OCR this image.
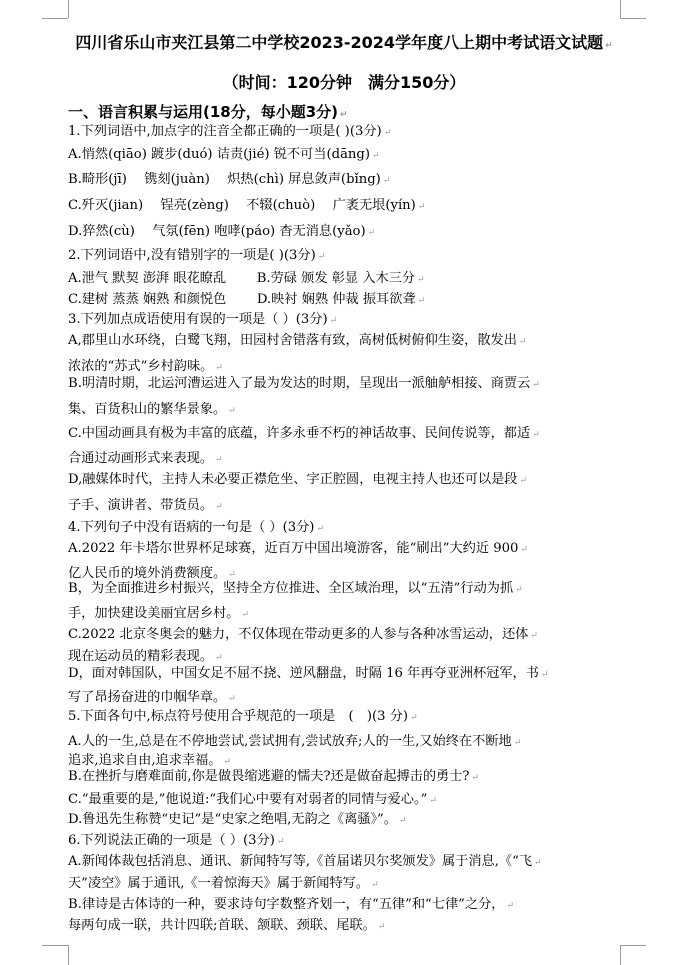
四川省乐山市夹江县第二中学校2023-2024学年度八上期中考试语文试题 ↵
（时间：120分钟　满分150分）
一、语言积累与运用(18分，每小题3分) ↵
1.下列词语中,加点字的注音全都正确的一项是( )(3分) ↵
A.悄然(qiāo) 踱步(duó) 诘责(jié) 锐不可当(dāng) ↵
B.畸形(jī)　 镌刻(juàn)　 炽热(chì) 屏息敛声(bǐng) ↵
C.歼灭(jian)　 锃亮(zèng)　 不辍(chuò)　 广袤无垠(yín) ↵
D.猝然(cù)　 气氛(fēn) 咆哮(páo) 杳无消息(yǎo) ↵
2.下列词语中,没有错别字的一项是( )(3分) ↵
A.泄气 默契 澎湃 眼花瞭乱　　 B.劳碌 颁发 彰显 入木三分 ↵
C.建树 蒸蒸 娴熟 和颜悦色　　 D.映衬 娴熟 仲裁 振耳欲聋 ↵
3.下列加点成语使用有误的一项是（ ）(3分) ↵
A,郡里山水环绕，白鹭飞翔，田园村舍错落有致，高树低树俯仰生姿，散发出 ↵
浓浓的“苏式”乡村韵味。 ↵
B.明清时期，北运河漕运进入了最为发达的时期，呈现出一派舳舻相接、商贾云 ↵
集、百货积山的繁华景象。 ↵
C.中国动画具有极为丰富的底蕴，许多永垂不朽的神话故事、民间传说等，都适 ↵
合通过动画形式来表现。 ↵
D,融媒体时代，主持人未必要正襟危坐、字正腔圆，电视主持人也还可以是段 ↵
子手、演讲者、带货员。 ↵
4.下列句子中没有语病的一句是（ ）(3分) ↵
A.2022 年卡塔尔世界杯足球赛，近百万中国出境游客，能“刷出”大约近 900 ↵
亿人民币的境外消费额度。 ↵
B，为全面推进乡村振兴，坚持全方位推进、全区域治理，以“五清”行动为抓 ↵
手，加快建设美丽宜居乡村。 ↵
C.2022 北京冬奥会的魅力，不仅体现在带动更多的人参与各种冰雪运动，还体 ↵
现在运动员的精彩表现。 ↵
D，面对韩国队，中国女足不屈不挠、逆风翻盘，时隔 16 年再夺亚洲杯冠军，书 ↵
写了昂扬奋进的巾帼华章。 ↵
5.下面各句中,标点符号使用合乎规范的一项是　(　)(3 分) ↵
A.人的一生,总是在不停地尝试,尝试拥有,尝试放弃;人的一生,又始终在不断地 ↵
追求,追求自由,追求幸福。 ↵
B.在挫折与磨难面前,你是做畏缩逃避的懦夫?还是做奋起搏击的勇士? ↵
C.“最重要的是,”他说道:“我们心中要有对弱者的同情与爱心。” ↵
D.鲁迅先生称赞“史记”是“史家之绝唱,无韵之《离骚》”。 ↵
6.下列说法正确的一项是（ ）(3分) ↵
A.新闻体裁包括消息、通讯、新闻特写等,《首届诺贝尔奖颁发》属于消息,《“飞 ↵
天”凌空》属于通讯,《一着惊海天》属于新闻特写。 ↵
B.律诗是古体诗的一种，要求诗句字数整齐划一，有“五律”和“七律”之分， ↵
每两句成一联，共计四联;首联、颔联、颈联、尾联。 ↵
